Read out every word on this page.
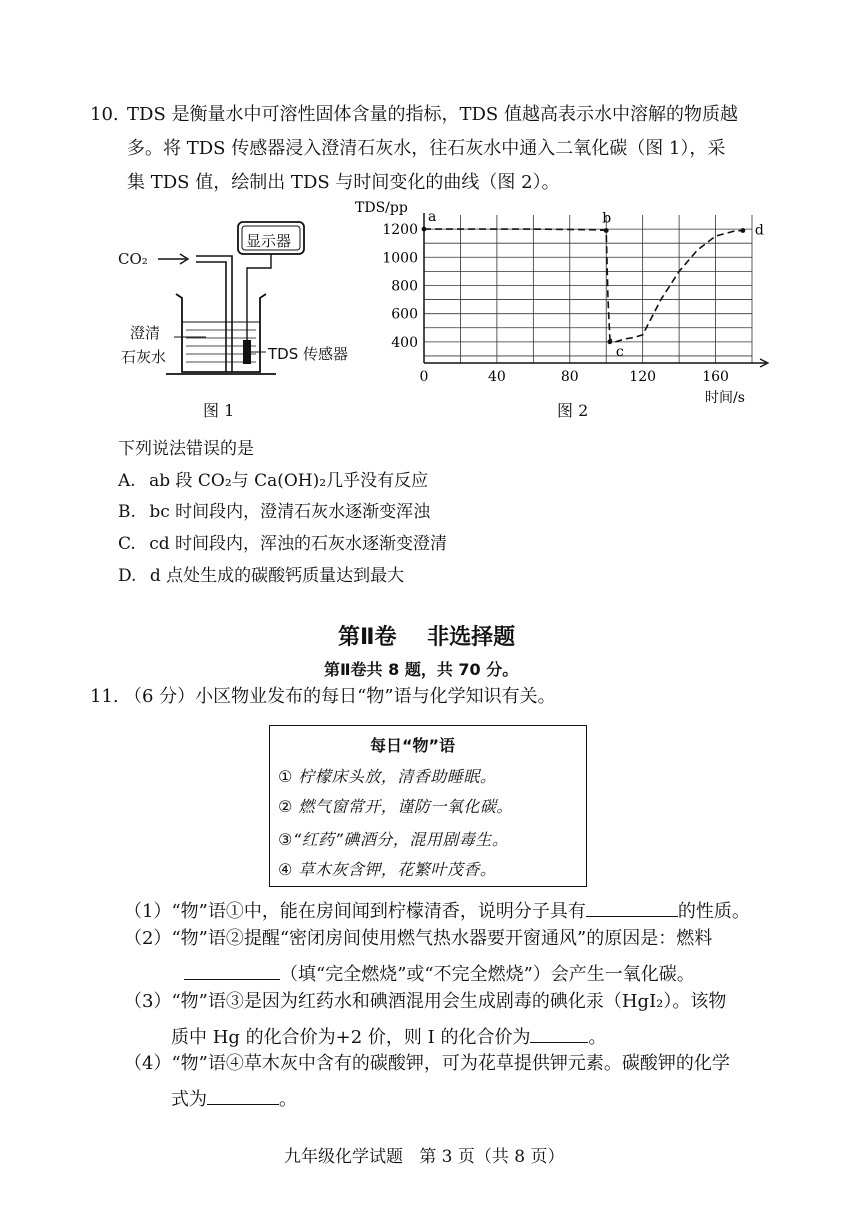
10. TDS 是衡量水中可溶性固体含量的指标，TDS 值越高表示水中溶解的物质越
多。将 TDS 传感器浸入澄清石灰水，往石灰水中通入二氧化碳（图 1），采
集 TDS 值，绘制出 TDS 与时间变化的曲线（图 2）。
显示器
CO₂
澄清
石灰水	TDS 传感器
图 1
TDS/pp
时间/s
0	40	80	120	160
400
600
800
1000
1200
a	b
c
d
图 2
下列说法错误的是
A. ab 段 CO₂与 Ca(OH)₂几乎没有反应
B. bc 时间段内，澄清石灰水逐渐变浑浊
C. cd 时间段内，浑浊的石灰水逐渐变澄清
D. d 点处生成的碳酸钙质量达到最大
第Ⅱ卷    非选择题
第Ⅱ卷共 8 题，共 70 分。
11. （6 分）小区物业发布的每日“物”语与化学知识有关。
每日“物”语
① 柠檬床头放，清香助睡眠。
② 燃气窗常开，谨防一氧化碳。
③“红药”碘酒分，混用剧毒生。
④ 草木灰含钾，花繁叶茂香。
（1）“物”语①中，能在房间闻到柠檬清香，说明分子具有	的性质。
（2）“物”语②提醒“密闭房间使用燃气热水器要开窗通风”的原因是：燃料
（填“完全燃烧”或“不完全燃烧”）会产生一氧化碳。
（3）“物”语③是因为红药水和碘酒混用会生成剧毒的碘化汞（HgI₂）。该物
质中 Hg 的化合价为+2 价，则 I 的化合价为	。
（4）“物”语④草木灰中含有的碳酸钾，可为花草提供钾元素。碳酸钾的化学
式为	。
九年级化学试题   第 3 页（共 8 页）
